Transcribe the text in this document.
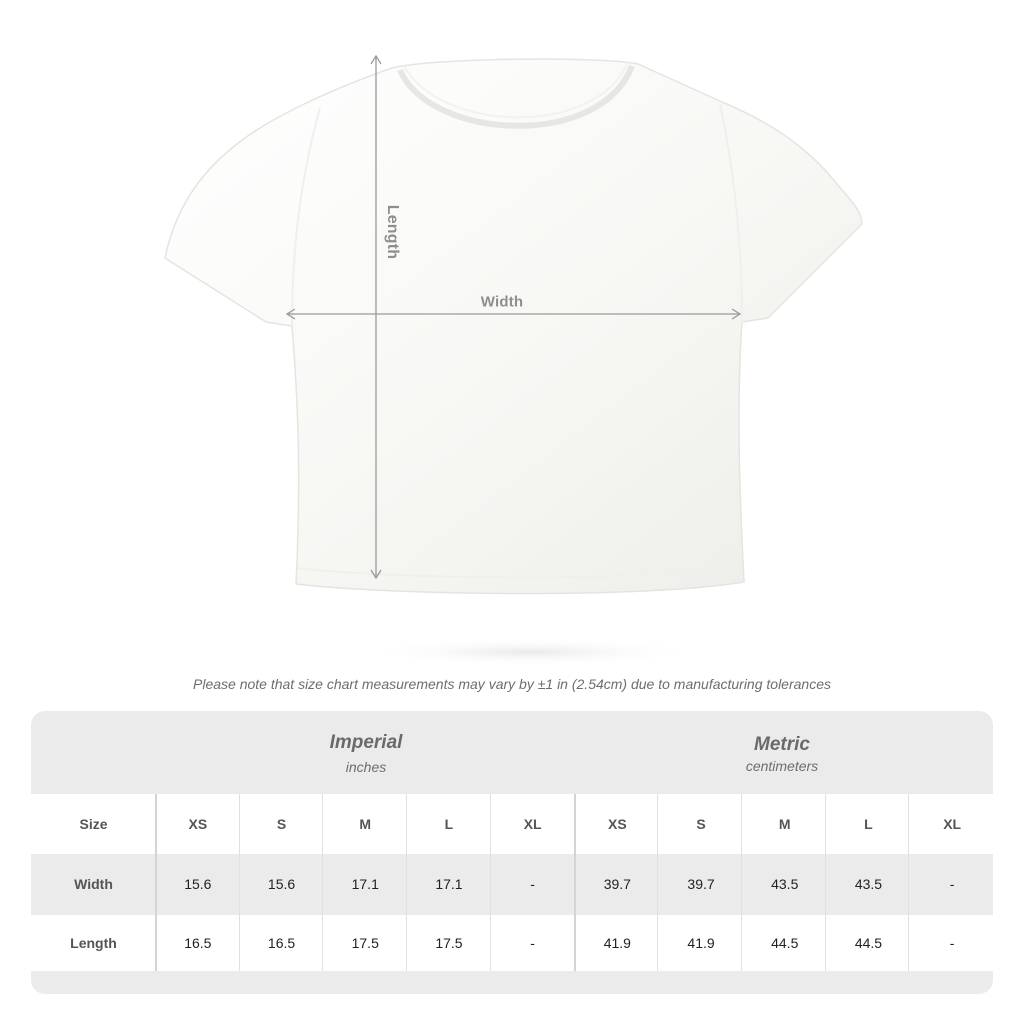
Length
Width
Please note that size chart measurements may vary by ±1 in (2.54cm) due to manufacturing tolerances
Imperial
inches
Metric
centimeters
Size	XS	S	M	L	XL	XS	S	M	L	XL
Width	15.6	15.6	17.1	17.1	-	39.7	39.7	43.5	43.5	-
Length	16.5	16.5	17.5	17.5	-	41.9	41.9	44.5	44.5	-
